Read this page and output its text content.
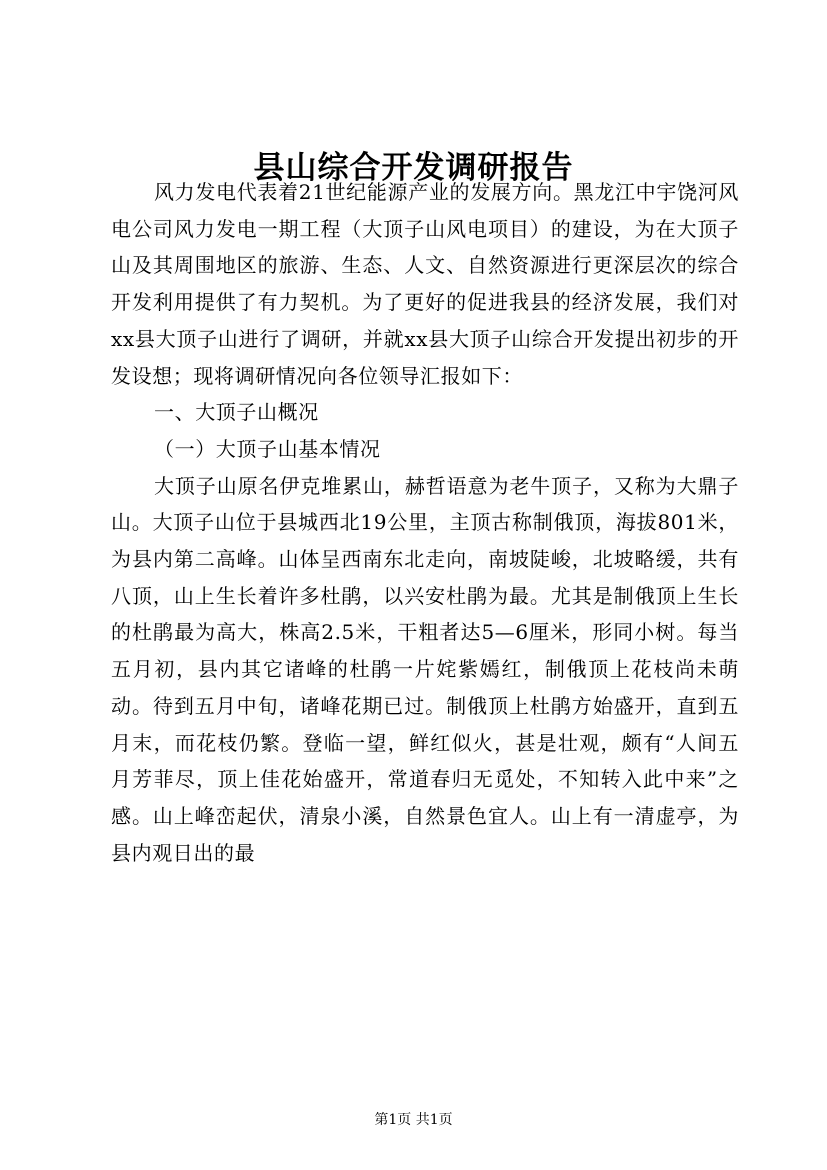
县山综合开发调研报告

风力发电代表着21世纪能源产业的发展方向。黑龙江中宇饶河风电公司风力发电一期工程（大顶子山风电项目）的建设，为在大顶子山及其周围地区的旅游、生态、人文、自然资源进行更深层次的综合开发利用提供了有力契机。为了更好的促进我县的经济发展，我们对xx县大顶子山进行了调研，并就xx县大顶子山综合开发提出初步的开发设想；现将调研情况向各位领导汇报如下：

一、大顶子山概况

（一）大顶子山基本情况

大顶子山原名伊克堆累山，赫哲语意为老牛顶子，又称为大鼎子山。大顶子山位于县城西北19公里，主顶古称制俄顶，海拔801米，为县内第二高峰。山体呈西南东北走向，南坡陡峻，北坡略缓，共有八顶，山上生长着许多杜鹃，以兴安杜鹃为最。尤其是制俄顶上生长的杜鹃最为高大，株高2.5米，干粗者达5—6厘米，形同小树。每当五月初，县内其它诸峰的杜鹃一片姹紫嫣红，制俄顶上花枝尚未萌动。待到五月中旬，诸峰花期已过。制俄顶上杜鹃方始盛开，直到五月末，而花枝仍繁。登临一望，鲜红似火，甚是壮观，颇有“人间五月芳菲尽，顶上佳花始盛开，常道春归无觅处，不知转入此中来”之感。山上峰峦起伏，清泉小溪，自然景色宜人。山上有一清虚亭，为县内观日出的最

第1页 共1页
